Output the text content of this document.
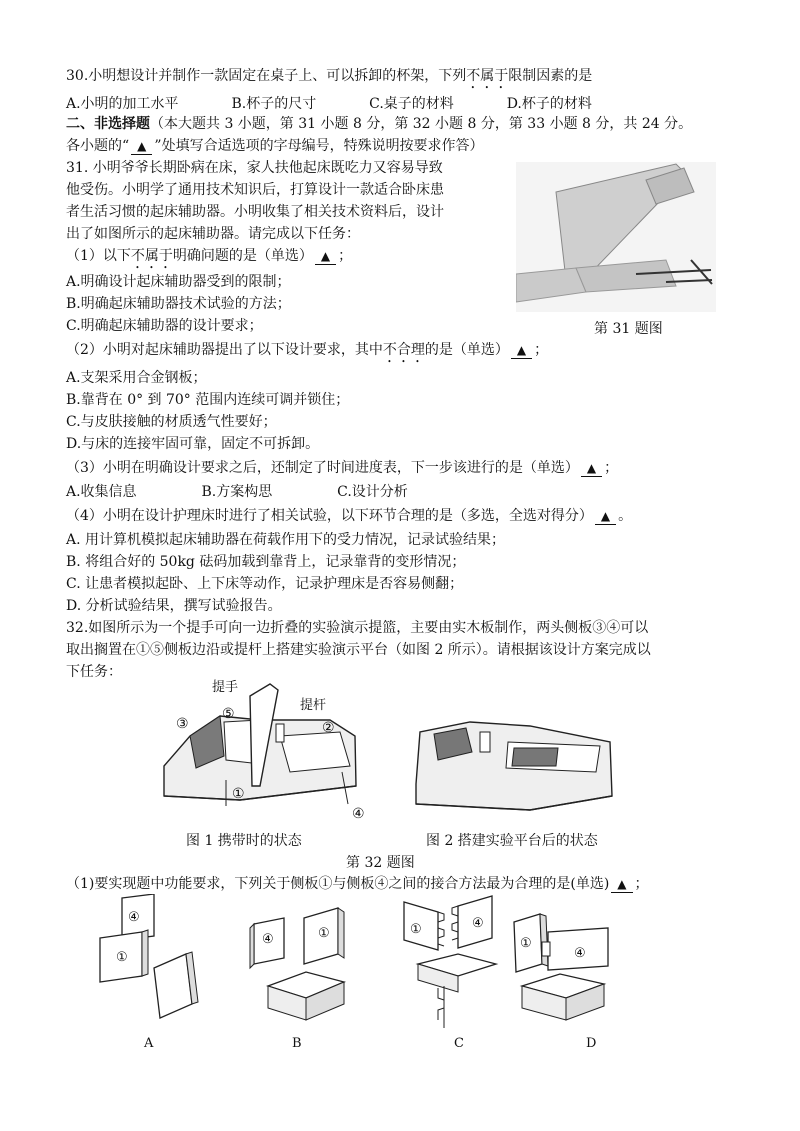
30.小明想设计并制作一款固定在桌子上、可以拆卸的杯架，下列不属于限制因素的是
A.小明的加工水平	B.杯子的尺寸	C.桌子的材料	D.杯子的材料
二、非选择题（本大题共 3 小题，第 31 小题 8 分，第 32 小题 8 分，第 33 小题 8 分，共 24 分。
各小题的“ ▲ ”处填写合适选项的字母编号，特殊说明按要求作答）
31. 小明爷爷长期卧病在床，家人扶他起床既吃力又容易导致
他受伤。小明学了通用技术知识后，打算设计一款适合卧床患
者生活习惯的起床辅助器。小明收集了相关技术资料后，设计
出了如图所示的起床辅助器。请完成以下任务：
第 31 题图
（1）以下不属于明确问题的是（单选） ▲ ；
A.明确设计起床辅助器受到的限制；
B.明确起床辅助器技术试验的方法；
C.明确起床辅助器的设计要求；
（2）小明对起床辅助器提出了以下设计要求，其中不合理的是（单选） ▲ ；
A.支架采用合金钢板；
B.靠背在 0° 到 70° 范围内连续可调并锁住；
C.与皮肤接触的材质透气性要好；
D.与床的连接牢固可靠，固定不可拆卸。
（3）小明在明确设计要求之后，还制定了时间进度表，下一步该进行的是（单选） ▲ ；
A.收集信息	B.方案构思	C.设计分析
（4）小明在设计护理床时进行了相关试验，以下环节合理的是（多选，全选对得分） ▲ 。
A. 用计算机模拟起床辅助器在荷载作用下的受力情况，记录试验结果；
B. 将组合好的 50kg 砝码加载到靠背上，记录靠背的变形情况；
C. 让患者模拟起卧、上下床等动作，记录护理床是否容易侧翻；
D. 分析试验结果，撰写试验报告。
32.如图所示为一个提手可向一边折叠的实验演示提篮，主要由实木板制作，两头侧板③④可以
取出搁置在①⑤侧板边沿或提杆上搭建实验演示平台（如图 2 所示）。请根据该设计方案完成以
下任务：
提手
提杆
③
⑤
②
①
④
图 1 携带时的状态	图 2 搭建实验平台后的状态
第 32 题图
（1)要实现题中功能要求，下列关于侧板①与侧板④之间的接合方法最为合理的是(单选) ▲ ；
④
①
④	①	①	④
①
④
A	B	C	D
